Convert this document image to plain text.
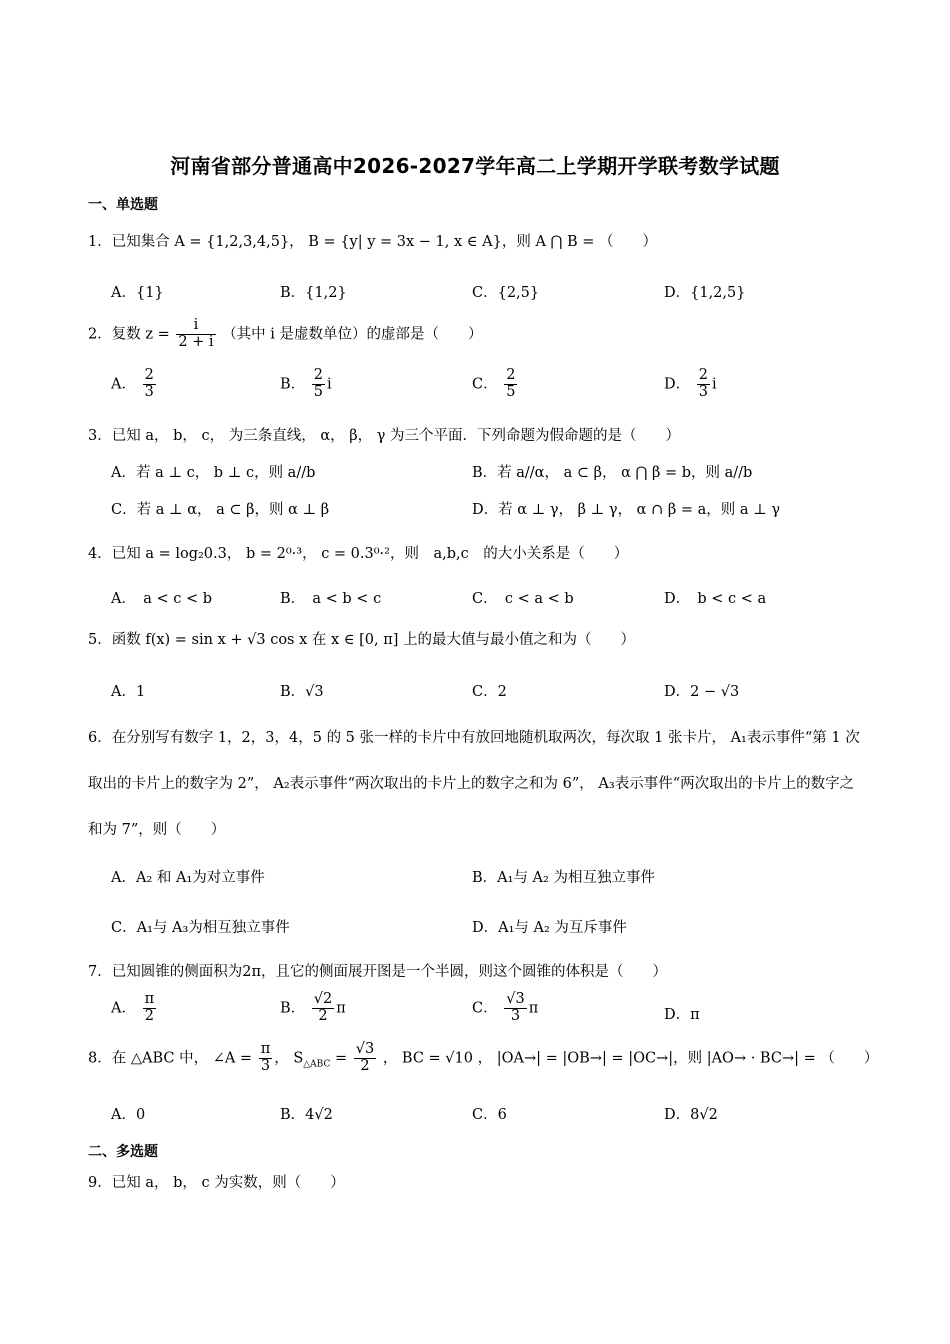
河南省部分普通高中2026-2027学年高二上学期开学联考数学试题
一、单选题
1．已知集合 A = {1,2,3,4,5}， B = {y| y = 3x − 1, x ∈ A}，则 A ⋂ B = （　　）
A．{1}	B．{1,2}	C．{2,5}	D．{1,2,5}
2．复数 $z = \frac{i}{2 + i}$ （其中 i 是虚数单位）的虚部是（　　）
A． $\frac{2}{3}$	B． $\frac{2}{5}$ i	C． $\frac{2}{5}$	D． $\frac{2}{3}$ i
3．已知 a， b， c， 为三条直线， α， β， γ 为三个平面．下列命题为假命题的是（　　）
A．若 a ⊥ c， b ⊥ c，则 a//b	B．若 a//α， a ⊂ β， α ⋂ β = b，则 a//b
C．若 a ⊥ α， a ⊂ β，则 α ⊥ β	D．若 α ⊥ γ， β ⊥ γ， α ∩ β = a，则 a ⊥ γ
4．已知 a = log₂0.3， b = 2⁰·³， c = 0.3⁰·²，则　a,b,c　的大小关系是（　　）
A．　a < c < b	B．　a < b < c	C．　c < a < b	D．　b < c < a
5．函数 f(x) = sin x + √3 cos x 在 x ∈ [0, π] 上的最大值与最小值之和为（　　）
A．1	B．√3	C．2	D．2 − √3
6．在分别写有数字 1，2，3，4，5 的 5 张一样的卡片中有放回地随机取两次，每次取 1 张卡片， A₁表示事件“第 1 次取出的卡片上的数字为 2”， A₂表示事件“两次取出的卡片上的数字之和为 6”， A₃表示事件“两次取出的卡片上的数字之和为 7”，则（　　）
A．A₂ 和 A₁为对立事件	B．A₁与 A₂ 为相互独立事件
C．A₁与 A₃为相互独立事件	D．A₁与 A₂ 为互斥事件
7．已知圆锥的侧面积为2π，且它的侧面展开图是一个半圆，则这个圆锥的体积是（　　）
A． $\frac{\pi}{2}$	B． $\frac{√2}{2}$ π	C． $\frac{√3}{3}$ π	D．π
8．在 △ABC 中， ∠A = $\frac{\pi}{3}$ ， $S_{\triangle ABC} = \frac{√3}{2}$ ， BC = √10 ， |OA→| = |OB→| = |OC→|，则 |AO→ · BC→| = （　　）
A．0	B．4√2	C．6	D．8√2
二、多选题
9．已知 a， b， c 为实数，则（　　）
